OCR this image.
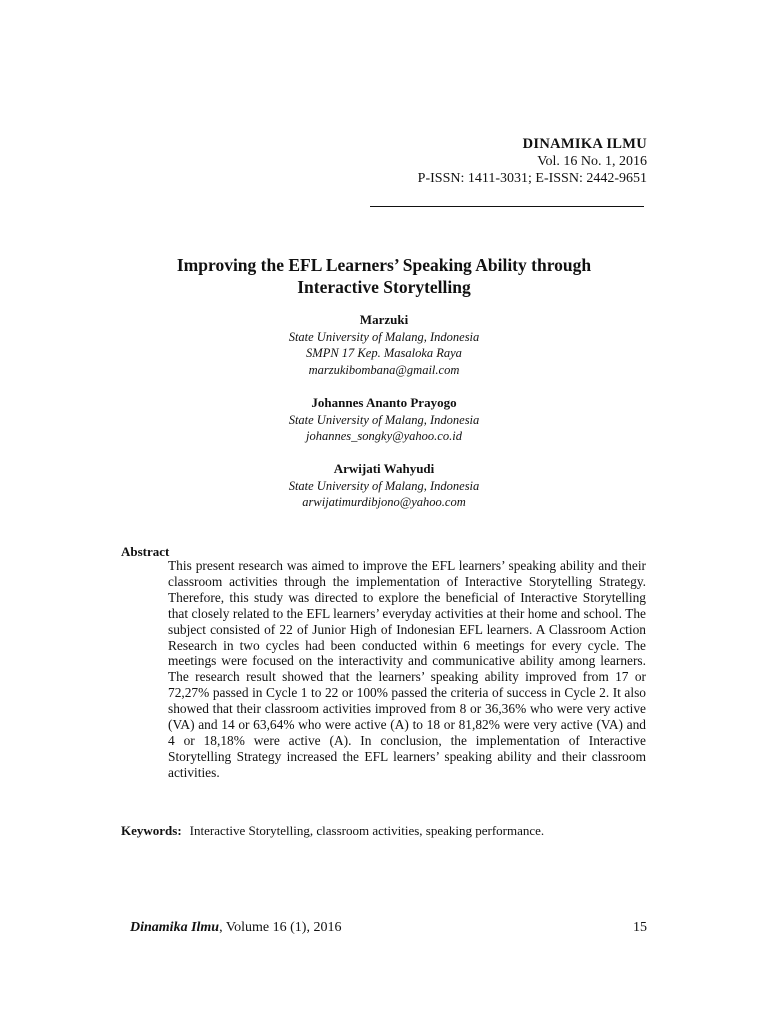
DINAMIKA ILMU
Vol. 16 No. 1, 2016
P-ISSN: 1411-3031; E-ISSN: 2442-9651
Improving the EFL Learners’ Speaking Ability through
Interactive Storytelling
Marzuki
State University of Malang, Indonesia
SMPN 17 Kep. Masaloka Raya
marzukibombana@gmail.com
Johannes Ananto Prayogo
State University of Malang, Indonesia
johannes_songky@yahoo.co.id
Arwijati Wahyudi
State University of Malang, Indonesia
arwijatimurdibjono@yahoo.com
Abstract
This present research was aimed to improve the EFL learners’ speaking ability and their classroom activities through the implementation of Interactive Storytelling Strategy. Therefore, this study was directed to explore the beneficial of Interactive Storytelling that closely related to the EFL learners’ everyday activities at their home and school. The subject consisted of 22 of Junior High of Indonesian EFL learners. A Classroom Action Research in two cycles had been conducted within 6 meetings for every cycle. The meetings were focused on the interactivity and communicative ability among learners. The research result showed that the learners’ speaking ability improved from 17 or 72,27% passed in Cycle 1 to 22 or 100% passed the criteria of success in Cycle 2. It also showed that their classroom activities improved from 8 or 36,36% who were very active (VA) and 14 or 63,64% who were active (A) to 18 or 81,82% were very active (VA) and 4 or 18,18% were active (A). In conclusion, the implementation of Interactive Storytelling Strategy increased the EFL learners’ speaking ability and their classroom activities.
Keywords: Interactive Storytelling, classroom activities, speaking performance.
Dinamika Ilmu, Volume 16 (1), 2016	15
